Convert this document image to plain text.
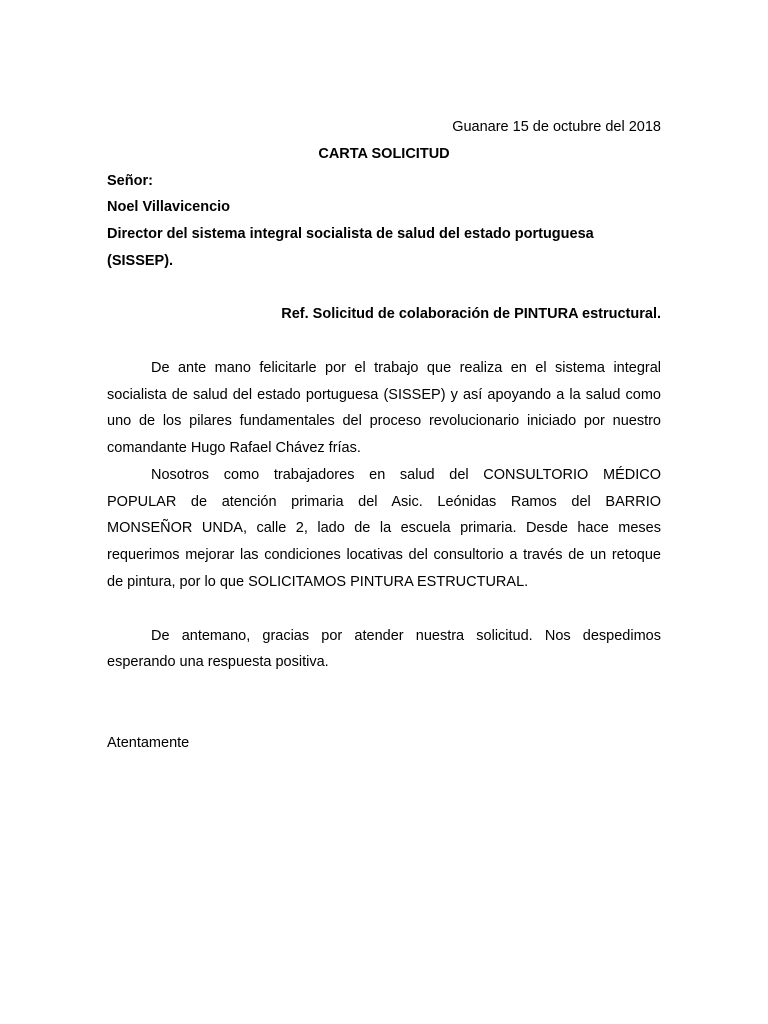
Guanare 15 de octubre del 2018
CARTA SOLICITUD
Señor:
Noel Villavicencio
Director del sistema integral socialista de salud del estado portuguesa
(SISSEP).
Ref. Solicitud de colaboración de PINTURA estructural.
De ante mano felicitarle por el trabajo que realiza en el sistema integral
socialista de salud del estado portuguesa (SISSEP) y así apoyando a la salud como
uno de los pilares fundamentales del proceso revolucionario iniciado por nuestro
comandante Hugo Rafael Chávez frías.
Nosotros como trabajadores en salud del CONSULTORIO MÉDICO
POPULAR de atención primaria del Asic. Leónidas Ramos del BARRIO
MONSEÑOR UNDA, calle 2, lado de la escuela primaria. Desde hace meses
requerimos mejorar las condiciones locativas del consultorio a través de un retoque
de pintura, por lo que SOLICITAMOS PINTURA ESTRUCTURAL.
De antemano, gracias por atender nuestra solicitud. Nos despedimos
esperando una respuesta positiva.
Atentamente
